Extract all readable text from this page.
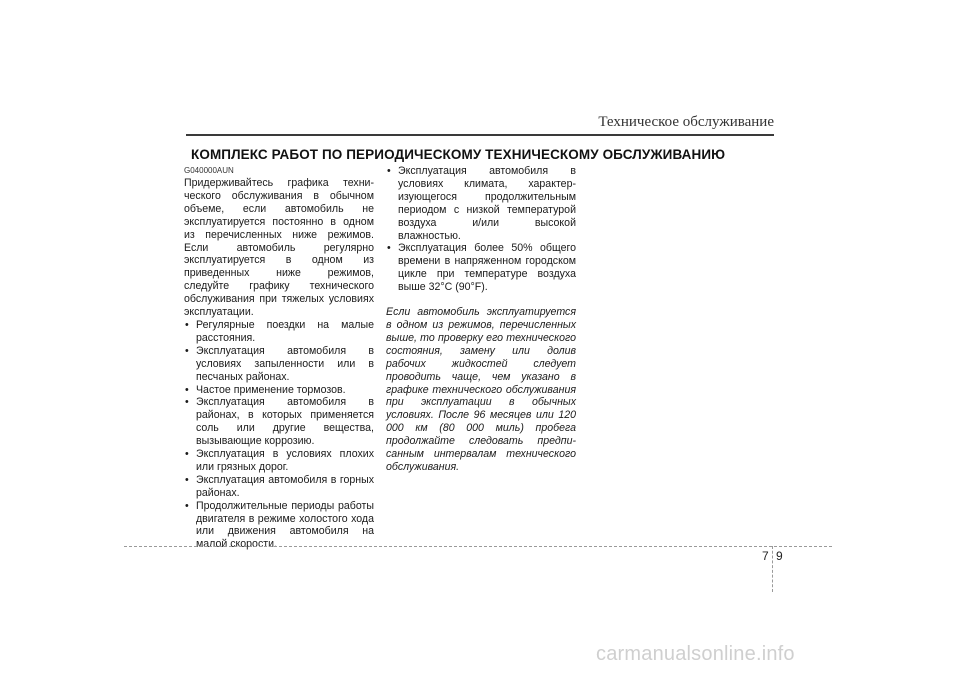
Техническое обслуживание
КОМПЛЕКС РАБОТ ПО ПЕРИОДИЧЕСКОМУ ТЕХНИЧЕСКОМУ ОБСЛУЖИВАНИЮ
G040000AUN

Придерживайтесь графика техни-ческого обслуживания в обычном объеме, если автомобиль не эксплуатируется постоянно в одном из перечисленных ниже режимов. Если автомобиль регулярно эксплуатируется в одном из приведенных ниже режимов, следуйте графику технического обслуживания при тяжелых условиях эксплуатации.

• Регулярные поездки на малые расстояния.
• Эксплуатация автомобиля в условиях запыленности или в песчаных районах.
• Частое применение тормозов.
• Эксплуатация автомобиля в районах, в которых применяется соль или другие вещества, вызывающие коррозию.
• Эксплуатация в условиях плохих или грязных дорог.
• Эксплуатация автомобиля в горных районах.
• Продолжительные периоды работы двигателя в режиме холостого хода или движения автомобиля на малой скорости.
• Эксплуатация автомобиля в условиях климата, характер-изующегося продолжительным периодом с низкой температурой воздуха и/или высокой влажностью.
• Эксплуатация более 50% общего времени в напряженном городском цикле при температуре воздуха выше 32°C (90°F).

Если автомобиль эксплуатируется в одном из режимов, перечисленных выше, то проверку его технического состояния, замену или долив рабочих жидкостей следует проводить чаще, чем указано в графике технического обслуживания при эксплуатации в обычных условиях. После 96 месяцев или 120 000 км (80 000 миль) пробега продолжайте следовать предпи-санным интервалам технического обслуживания.

7 9
carmanualsonline.info
